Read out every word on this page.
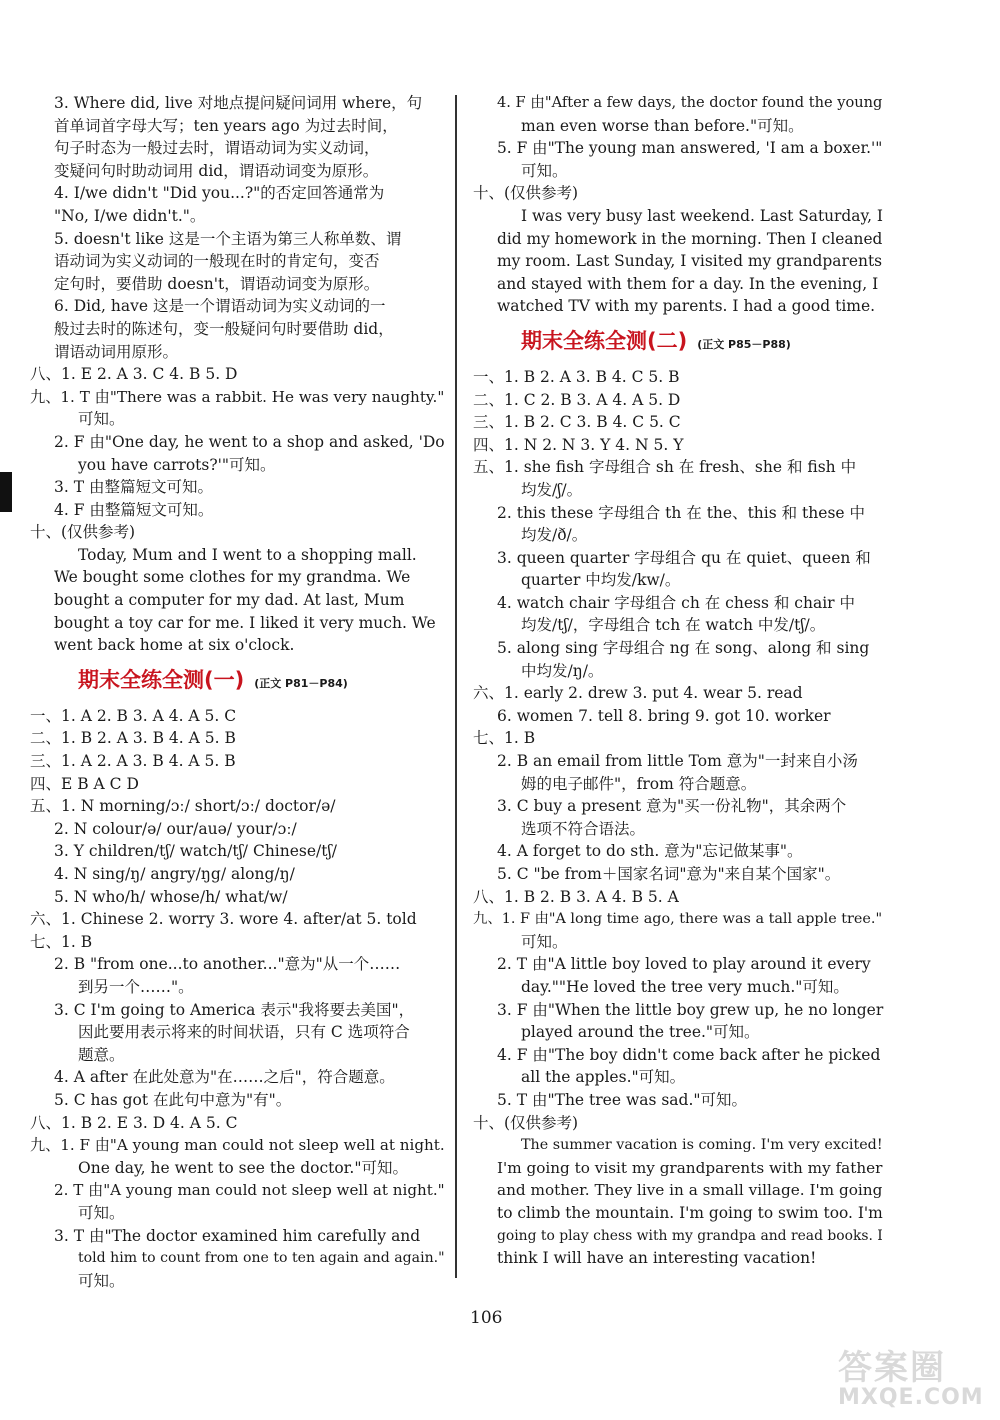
3. Where did, live 对地点提问疑问词用 where，句
首单词首字母大写；ten years ago 为过去时间，
句子时态为一般过去时，谓语动词为实义动词，
变疑问句时助动词用 did，谓语动词变为原形。
4. I/we didn't "Did you...?"的否定回答通常为
"No, I/we didn't."。
5. doesn't like 这是一个主语为第三人称单数、谓
语动词为实义动词的一般现在时的肯定句，变否
定句时，要借助 doesn't，谓语动词变为原形。
6. Did, have 这是一个谓语动词为实义动词的一
般过去时的陈述句，变一般疑问句时要借助 did，
谓语动词用原形。
八、1. E 2. A 3. C 4. B 5. D
九、1. T 由"There was a rabbit. He was very naughty."
可知。
2. F 由"One day, he went to a shop and asked, 'Do
you have carrots?'"可知。
3. T 由整篇短文可知。
4. F 由整篇短文可知。
十、(仅供参考)
Today, Mum and I went to a shopping mall.
We bought some clothes for my grandma. We
bought a computer for my dad. At last, Mum
bought a toy car for me. I liked it very much. We
went back home at six o'clock.
期末全练全测(一) (正文 P81－P84)
一、1. A 2. B 3. A 4. A 5. C
二、1. B 2. A 3. B 4. A 5. B
三、1. A 2. A 3. B 4. A 5. B
四、E B A C D
五、1. N morning/ɔː/ short/ɔː/ doctor/ə/
2. N colour/ə/ our/auə/ your/ɔː/
3. Y children/tʃ/ watch/tʃ/ Chinese/tʃ/
4. N sing/ŋ/ angry/ŋg/ along/ŋ/
5. N who/h/ whose/h/ what/w/
六、1. Chinese 2. worry 3. wore 4. after/at 5. told
七、1. B
2. B "from one...to another..."意为"从一个……
到另一个……"。
3. C I'm going to America 表示"我将要去美国"，
因此要用表示将来的时间状语，只有 C 选项符合
题意。
4. A after 在此处意为"在……之后"，符合题意。
5. C has got 在此句中意为"有"。
八、1. B 2. E 3. D 4. A 5. C
九、1. F 由"A young man could not sleep well at night.
One day, he went to see the doctor."可知。
2. T 由"A young man could not sleep well at night."
可知。
3. T 由"The doctor examined him carefully and
told him to count from one to ten again and again."
可知。
4. F 由"After a few days, the doctor found the young
man even worse than before."可知。
5. F 由"The young man answered, 'I am a boxer.'"
可知。
十、(仅供参考)
I was very busy last weekend. Last Saturday, I
did my homework in the morning. Then I cleaned
my room. Last Sunday, I visited my grandparents
and stayed with them for a day. In the evening, I
watched TV with my parents. I had a good time.
期末全练全测(二) (正文 P85－P88)
一、1. B 2. A 3. B 4. C 5. B
二、1. C 2. B 3. A 4. A 5. D
三、1. B 2. C 3. B 4. C 5. C
四、1. N 2. N 3. Y 4. N 5. Y
五、1. she fish 字母组合 sh 在 fresh、she 和 fish 中
均发/ʃ/。
2. this these 字母组合 th 在 the、this 和 these 中
均发/ð/。
3. queen quarter 字母组合 qu 在 quiet、queen 和
quarter 中均发/kw/。
4. watch chair 字母组合 ch 在 chess 和 chair 中
均发/tʃ/，字母组合 tch 在 watch 中发/tʃ/。
5. along sing 字母组合 ng 在 song、along 和 sing
中均发/ŋ/。
六、1. early 2. drew 3. put 4. wear 5. read
6. women 7. tell 8. bring 9. got 10. worker
七、1. B
2. B an email from little Tom 意为"一封来自小汤
姆的电子邮件"，from 符合题意。
3. C buy a present 意为"买一份礼物"，其余两个
选项不符合语法。
4. A forget to do sth. 意为"忘记做某事"。
5. C "be from＋国家名词"意为"来自某个国家"。
八、1. B 2. B 3. A 4. B 5. A
九、1. F 由"A long time ago, there was a tall apple tree."
可知。
2. T 由"A little boy loved to play around it every
day.""He loved the tree very much."可知。
3. F 由"When the little boy grew up, he no longer
played around the tree."可知。
4. F 由"The boy didn't come back after he picked
all the apples."可知。
5. T 由"The tree was sad."可知。
十、(仅供参考)
The summer vacation is coming. I'm very excited!
I'm going to visit my grandparents with my father
and mother. They live in a small village. I'm going
to climb the mountain. I'm going to swim too. I'm
going to play chess with my grandpa and read books. I
think I will have an interesting vacation!
106
答案圈
MXQE.COM
